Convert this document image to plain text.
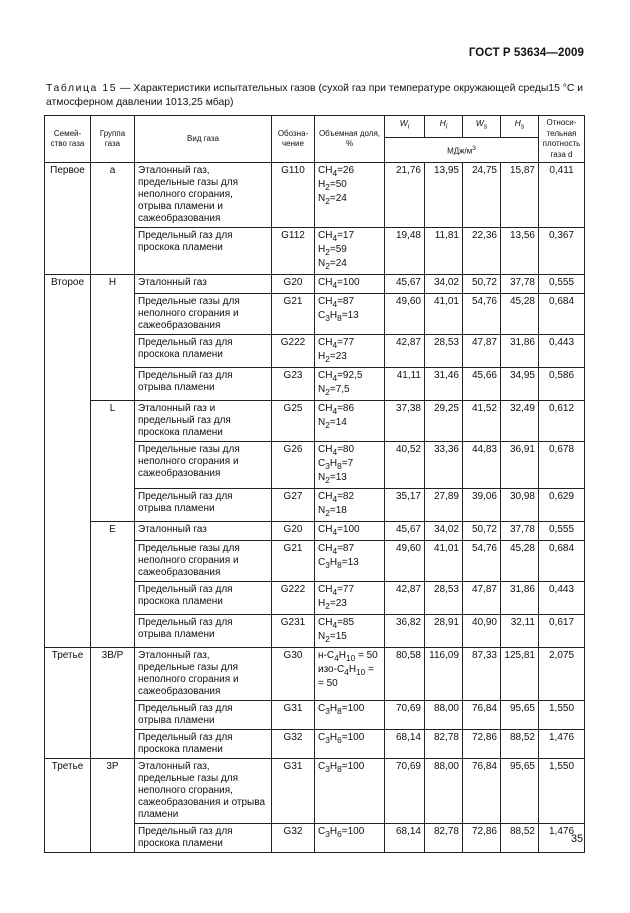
ГОСТ Р 53634—2009
Таблица 15 — Характеристики испытательных газов (сухой газ при температуре окружающей среды15 °С и атмосферном давлении 1013,25 мбар)
Семей-ство газа	Группа газа	Вид газа	Обозна-чение	Объемная доля, %	$W_i$	$H_i$	$W_s$	$H_s$	Относи-тельная плотность газа d
					МДж/$м^3$
Первое	а	Эталонный газ, предельные газы для неполного сгорания, отрыва пламени и сажеобразования	G110	$CH_4=26$
$H_2=50$
$N_2=24$	21,76	13,95	24,75	15,87	0,411
		Предельный газ для проскока пламени	G112	$CH_4=17$
$H_2=59$
$N_2=24$	19,48	11,81	22,36	13,56	0,367
Второе	Н	Эталонный газ	G20	$CH_4=100$	45,67	34,02	50,72	37,78	0,555
		Предельные газы для неполного сгорания и сажеобразования	G21	$CH_4=87$
$C_3H_8=13$	49,60	41,01	54,76	45,28	0,684
		Предельный газ для проскока пламени	G222	$CH_4=77$
$H_2=23$	42,87	28,53	47,87	31,86	0,443
		Предельный газ для отрыва пламени	G23	$CH_4=92,5$
$N_2=7,5$	41,11	31,46	45,66	34,95	0,586
	L	Эталонный газ и предельный газ для проскока пламени	G25	$CH_4=86$
$N_2=14$	37,38	29,25	41,52	32,49	0,612
		Предельные газы для неполного сгорания и сажеобразования	G26	$CH_4=80$
$C_3H_8=7$
$N_2=13$	40,52	33,36	44,83	36,91	0,678
		Предельный газ для отрыва пламени	G27	$CH_4=82$
$N_2=18$	35,17	27,89	39,06	30,98	0,629
	Е	Эталонный газ	G20	$CH_4=100$	45,67	34,02	50,72	37,78	0,555
		Предельные газы для неполного сгорания и сажеобразования	G21	$CH_4=87$
$C_3H_8=13$	49,60	41,01	54,76	45,28	0,684
		Предельный газ для проскока пламени	G222	$CH_4=77$
$H_2=23$	42,87	28,53	47,87	31,86	0,443
		Предельный газ для отрыва пламени	G231	$CH_4=85$
$N_2=15$	36,82	28,91	40,90	32,11	0,617
Третье	3В/Р	Эталонный газ, предельные газы для неполного сгорания и сажеобразования	G30	$н-C_4H_{10} = 50$
изо-$C_4H_{10}$ =
= 50	80,58	116,09	87,33	125,81	2,075
		Предельный газ для отрыва пламени	G31	$C_3H_8=100$	70,69	88,00	76,84	95,65	1,550
		Предельный газ для проскока пламени	G32	$C_3H_6=100$	68,14	82,78	72,86	88,52	1,476
Третье	3Р	Эталонный газ, предельные газы для неполного сгорания, сажеобразования и отрыва пламени	G31	$C_3H_8=100$	70,69	88,00	76,84	95,65	1,550
		Предельный газ для проскока пламени	G32	$C_3H_6=100$	68,14	82,78	72,86	88,52	1,476
35
